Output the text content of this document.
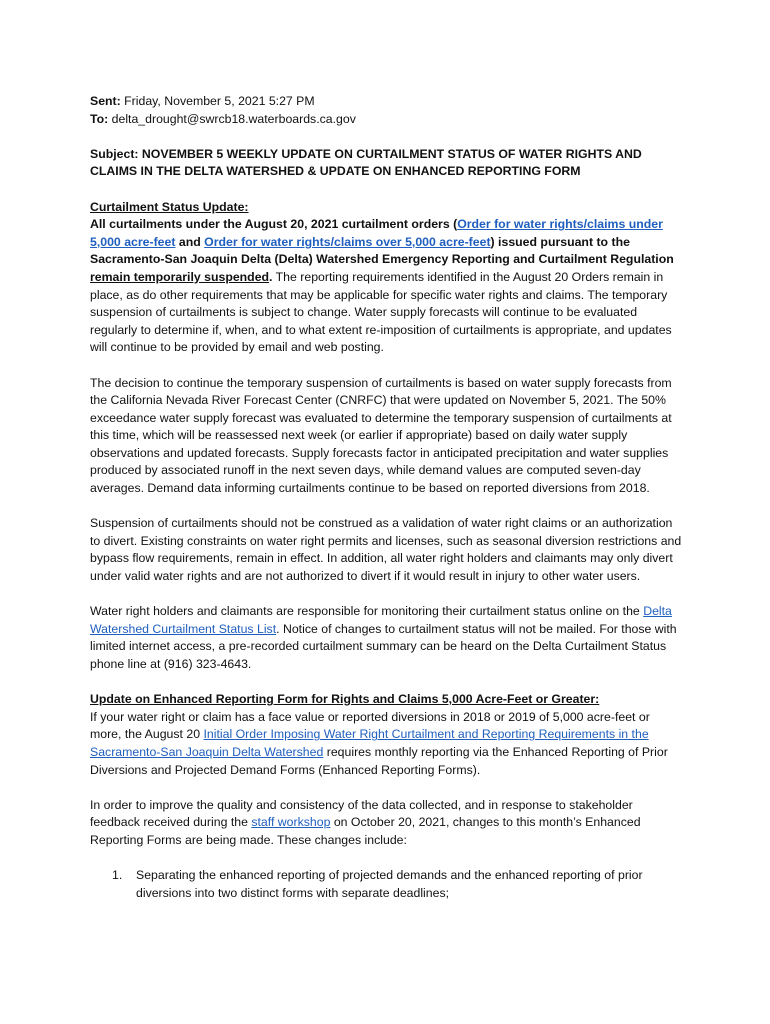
Sent: Friday, November 5, 2021 5:27 PM

To: delta_drought@swrcb18.waterboards.ca.gov

Subject: NOVEMBER 5 WEEKLY UPDATE ON CURTAILMENT STATUS OF WATER RIGHTS AND CLAIMS IN THE DELTA WATERSHED & UPDATE ON ENHANCED REPORTING FORM

Curtailment Status Update:

All curtailments under the August 20, 2021 curtailment orders (Order for water rights/claims under 5,000 acre-feet and Order for water rights/claims over 5,000 acre-feet) issued pursuant to the Sacramento-San Joaquin Delta (Delta) Watershed Emergency Reporting and Curtailment Regulation remain temporarily suspended. The reporting requirements identified in the August 20 Orders remain in place, as do other requirements that may be applicable for specific water rights and claims. The temporary suspension of curtailments is subject to change. Water supply forecasts will continue to be evaluated regularly to determine if, when, and to what extent re-imposition of curtailments is appropriate, and updates will continue to be provided by email and web posting.

The decision to continue the temporary suspension of curtailments is based on water supply forecasts from the California Nevada River Forecast Center (CNRFC) that were updated on November 5, 2021. The 50% exceedance water supply forecast was evaluated to determine the temporary suspension of curtailments at this time, which will be reassessed next week (or earlier if appropriate) based on daily water supply observations and updated forecasts. Supply forecasts factor in anticipated precipitation and water supplies produced by associated runoff in the next seven days, while demand values are computed seven-day averages. Demand data informing curtailments continue to be based on reported diversions from 2018.

Suspension of curtailments should not be construed as a validation of water right claims or an authorization to divert. Existing constraints on water right permits and licenses, such as seasonal diversion restrictions and bypass flow requirements, remain in effect. In addition, all water right holders and claimants may only divert under valid water rights and are not authorized to divert if it would result in injury to other water users.

Water right holders and claimants are responsible for monitoring their curtailment status online on the Delta Watershed Curtailment Status List. Notice of changes to curtailment status will not be mailed. For those with limited internet access, a pre-recorded curtailment summary can be heard on the Delta Curtailment Status phone line at (916) 323-4643.

Update on Enhanced Reporting Form for Rights and Claims 5,000 Acre-Feet or Greater:

If your water right or claim has a face value or reported diversions in 2018 or 2019 of 5,000 acre-feet or more, the August 20 Initial Order Imposing Water Right Curtailment and Reporting Requirements in the Sacramento-San Joaquin Delta Watershed requires monthly reporting via the Enhanced Reporting of Prior Diversions and Projected Demand Forms (Enhanced Reporting Forms).

In order to improve the quality and consistency of the data collected, and in response to stakeholder feedback received during the staff workshop on October 20, 2021, changes to this month’s Enhanced Reporting Forms are being made. These changes include:

1. Separating the enhanced reporting of projected demands and the enhanced reporting of prior diversions into two distinct forms with separate deadlines;
